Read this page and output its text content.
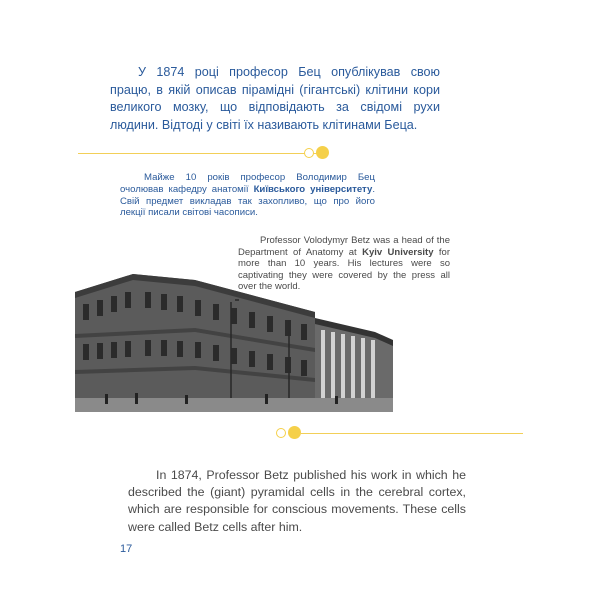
У 1874 році професор Бец опублікував свою працю, в якій описав пірамідні (гігантські) клітини кори великого мозку, що відповідають за свідомі рухи людини. Відтоді у світі їх називають клітинами Беца.

Майже 10 років професор Володимир Бец очолював кафедру анатомії Київського університету. Свій предмет викладав так захопливо, що про його лекції писали світові часописи.

Professor Volodymyr Betz was a head of the Department of Anatomy at Kyiv University for more than 10 years. His lectures were so captivating they were covered by the press all over the world.

In 1874, Professor Betz published his work in which he described the (giant) pyramidal cells in the cerebral cortex, which are responsible for conscious movements. These cells were called Betz cells after him.

17
